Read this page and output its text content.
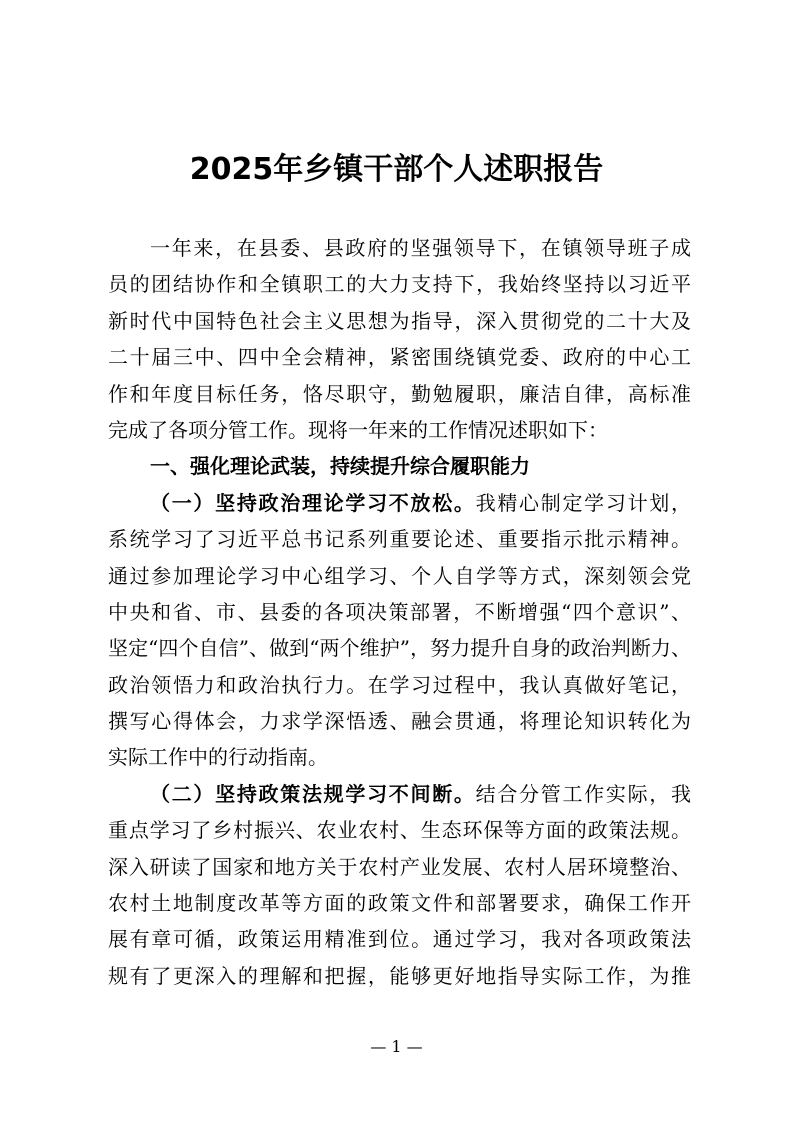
2025年乡镇干部个人述职报告
一年来，在县委、县政府的坚强领导下，在镇领导班子成
员的团结协作和全镇职工的大力支持下，我始终坚持以习近平
新时代中国特色社会主义思想为指导，深入贯彻党的二十大及
二十届三中、四中全会精神，紧密围绕镇党委、政府的中心工
作和年度目标任务，恪尽职守，勤勉履职，廉洁自律，高标准
完成了各项分管工作。现将一年来的工作情况述职如下：
一、强化理论武装，持续提升综合履职能力
（一）坚持政治理论学习不放松。我精心制定学习计划，
系统学习了习近平总书记系列重要论述、重要指示批示精神。
通过参加理论学习中心组学习、个人自学等方式，深刻领会党
中央和省、市、县委的各项决策部署，不断增强“四个意识”、
坚定“四个自信”、做到“两个维护”，努力提升自身的政治判断力、
政治领悟力和政治执行力。在学习过程中，我认真做好笔记，
撰写心得体会，力求学深悟透、融会贯通，将理论知识转化为
实际工作中的行动指南。
（二）坚持政策法规学习不间断。结合分管工作实际，我
重点学习了乡村振兴、农业农村、生态环保等方面的政策法规。
深入研读了国家和地方关于农村产业发展、农村人居环境整治、
农村土地制度改革等方面的政策文件和部署要求，确保工作开
展有章可循，政策运用精准到位。通过学习，我对各项政策法
规有了更深入的理解和把握，能够更好地指导实际工作，为推
— 1 —
